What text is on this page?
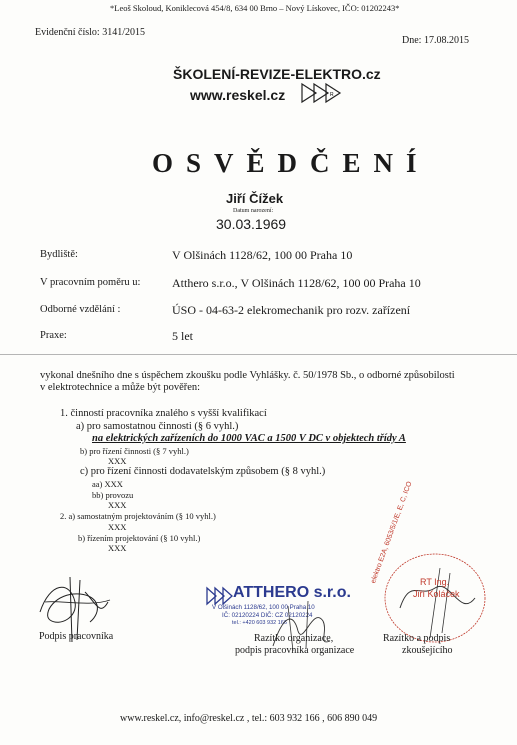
*Leoš Skoloud, Koniklecová 454/8, 634 00 Brno – Nový Lískovec, IČO: 01202243*
Evidenční číslo: 3141/2015
Dne: 17.08.2015
ŠKOLENÍ-REVIZE-ELEKTRO.cz
www.reskel.cz	R
OSVĚDČENÍ
Jiří Čížek
Datum narození:
30.03.1969
Bydliště:	V Olšinách 1128/62, 100 00 Praha 10
V pracovním poměru u:	Atthero s.r.o., V Olšinách 1128/62, 100 00 Praha 10
Odborné vzdělání :	ÚSO - 04-63-2 elekromechanik pro rozv. zařízení
Praxe:	5 let
vykonal dnešního dne s úspěchem zkoušku podle Vyhlášky. č. 50/1978 Sb., o odborné způsobilosti
v elektrotechnice a může být pověřen:
1. činností pracovníka znalého s vyšší kvalifikací
a) pro samostatnou činnosti (§ 6 vyhl.)
na elektrických zařízeních do 1000 VAC a 1500 V DC v objektech třídy A
b) pro řízení činnosti (§ 7 vyhl.)
XXX
c) pro řízení činnosti dodavatelským způsobem (§ 8 vyhl.)
aa) XXX
bb) provozu
XXX
2. a) samostatným projektováním (§ 10 vyhl.)
XXX
b) řízením projektování (§ 10 vyhl.)
XXX
Podpis pracovníka
ATTHERO s.r.o.
V Olšinách 1128/62, 100 00 Praha 10
IČ: 02120224 DIČ: CZ 02120224
tel.: +420 603 932 166
Razítko organizace,
podpis pracovníka organizace
elektro E2A, 6053/5/1/E, E, C, ICO RT Ing.
Jiří Koláček
Razítko a podpis
zkoušejícího
www.reskel.cz, info@reskel.cz , tel.: 603 932 166 , 606 890 049
